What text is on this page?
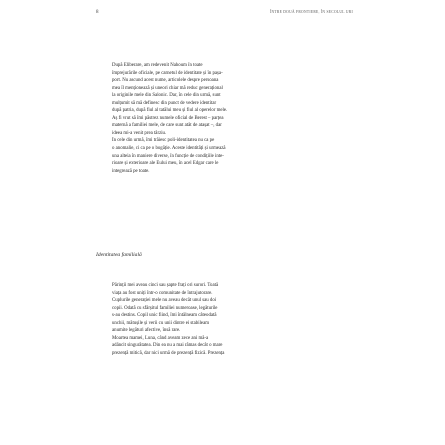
8	ÎNTRE DOUĂ FRONTIERE, ÎN SECOLUL URI

După Eliberare, am redevenit Nahoum în toate
împrejurările oficiale, pe carnetul de identitate și în pașa-
port. Nu ascund acest nume, articolele despre persoana
mea îl menționează și uneori chiar mă reduc generațional
la originile mele din Salonic. Dar, în cele din urmă, sunt
mulțumit să mă definesc din punct de vedere identitar
după patria, după fiul al tatălui meu și fiul al operelor mele.
Aș fi vrut să îmi păstrez numele oficial de Berest – parțea
maternă a familiei mele, de care sunt atât de atașat –, dar
ideea mi-a venit prea târziu.

În cele din urmă, îmi trăiesc poli-identitatea nu ca pe
o anomalie, ci ca pe o bogăție. Aceste identități și urmează
una alteia în maniere diverse, în funcție de condițiile inte-
rioare și exterioare ale Eului meu, în acel Edgar care le
integrează pe toate.

Identitatea familială

Părinții mei aveau cinci sau șapte frați ori surori. Toată
viața au fost uniți într-o comunitate de întrajutorare.
Cuplurile generației mele nu aveau decât unul sau doi
copii. Odată cu sfârșitul familiei numeroase, legăturile
s-au destins. Copil unic fiind, îmi întâlneam câteodată
unchii, mătușile și verii cu unii dintre ei stabileam
anumite legături afective, însă rare.

Moartea mamei, Luna, când aveam zece ani mă-a
adâncit singurătatea. Din ea nu a mai rămas decât o mare
prezență mitică, dar nici urmă de prezență fizică. Prezența
